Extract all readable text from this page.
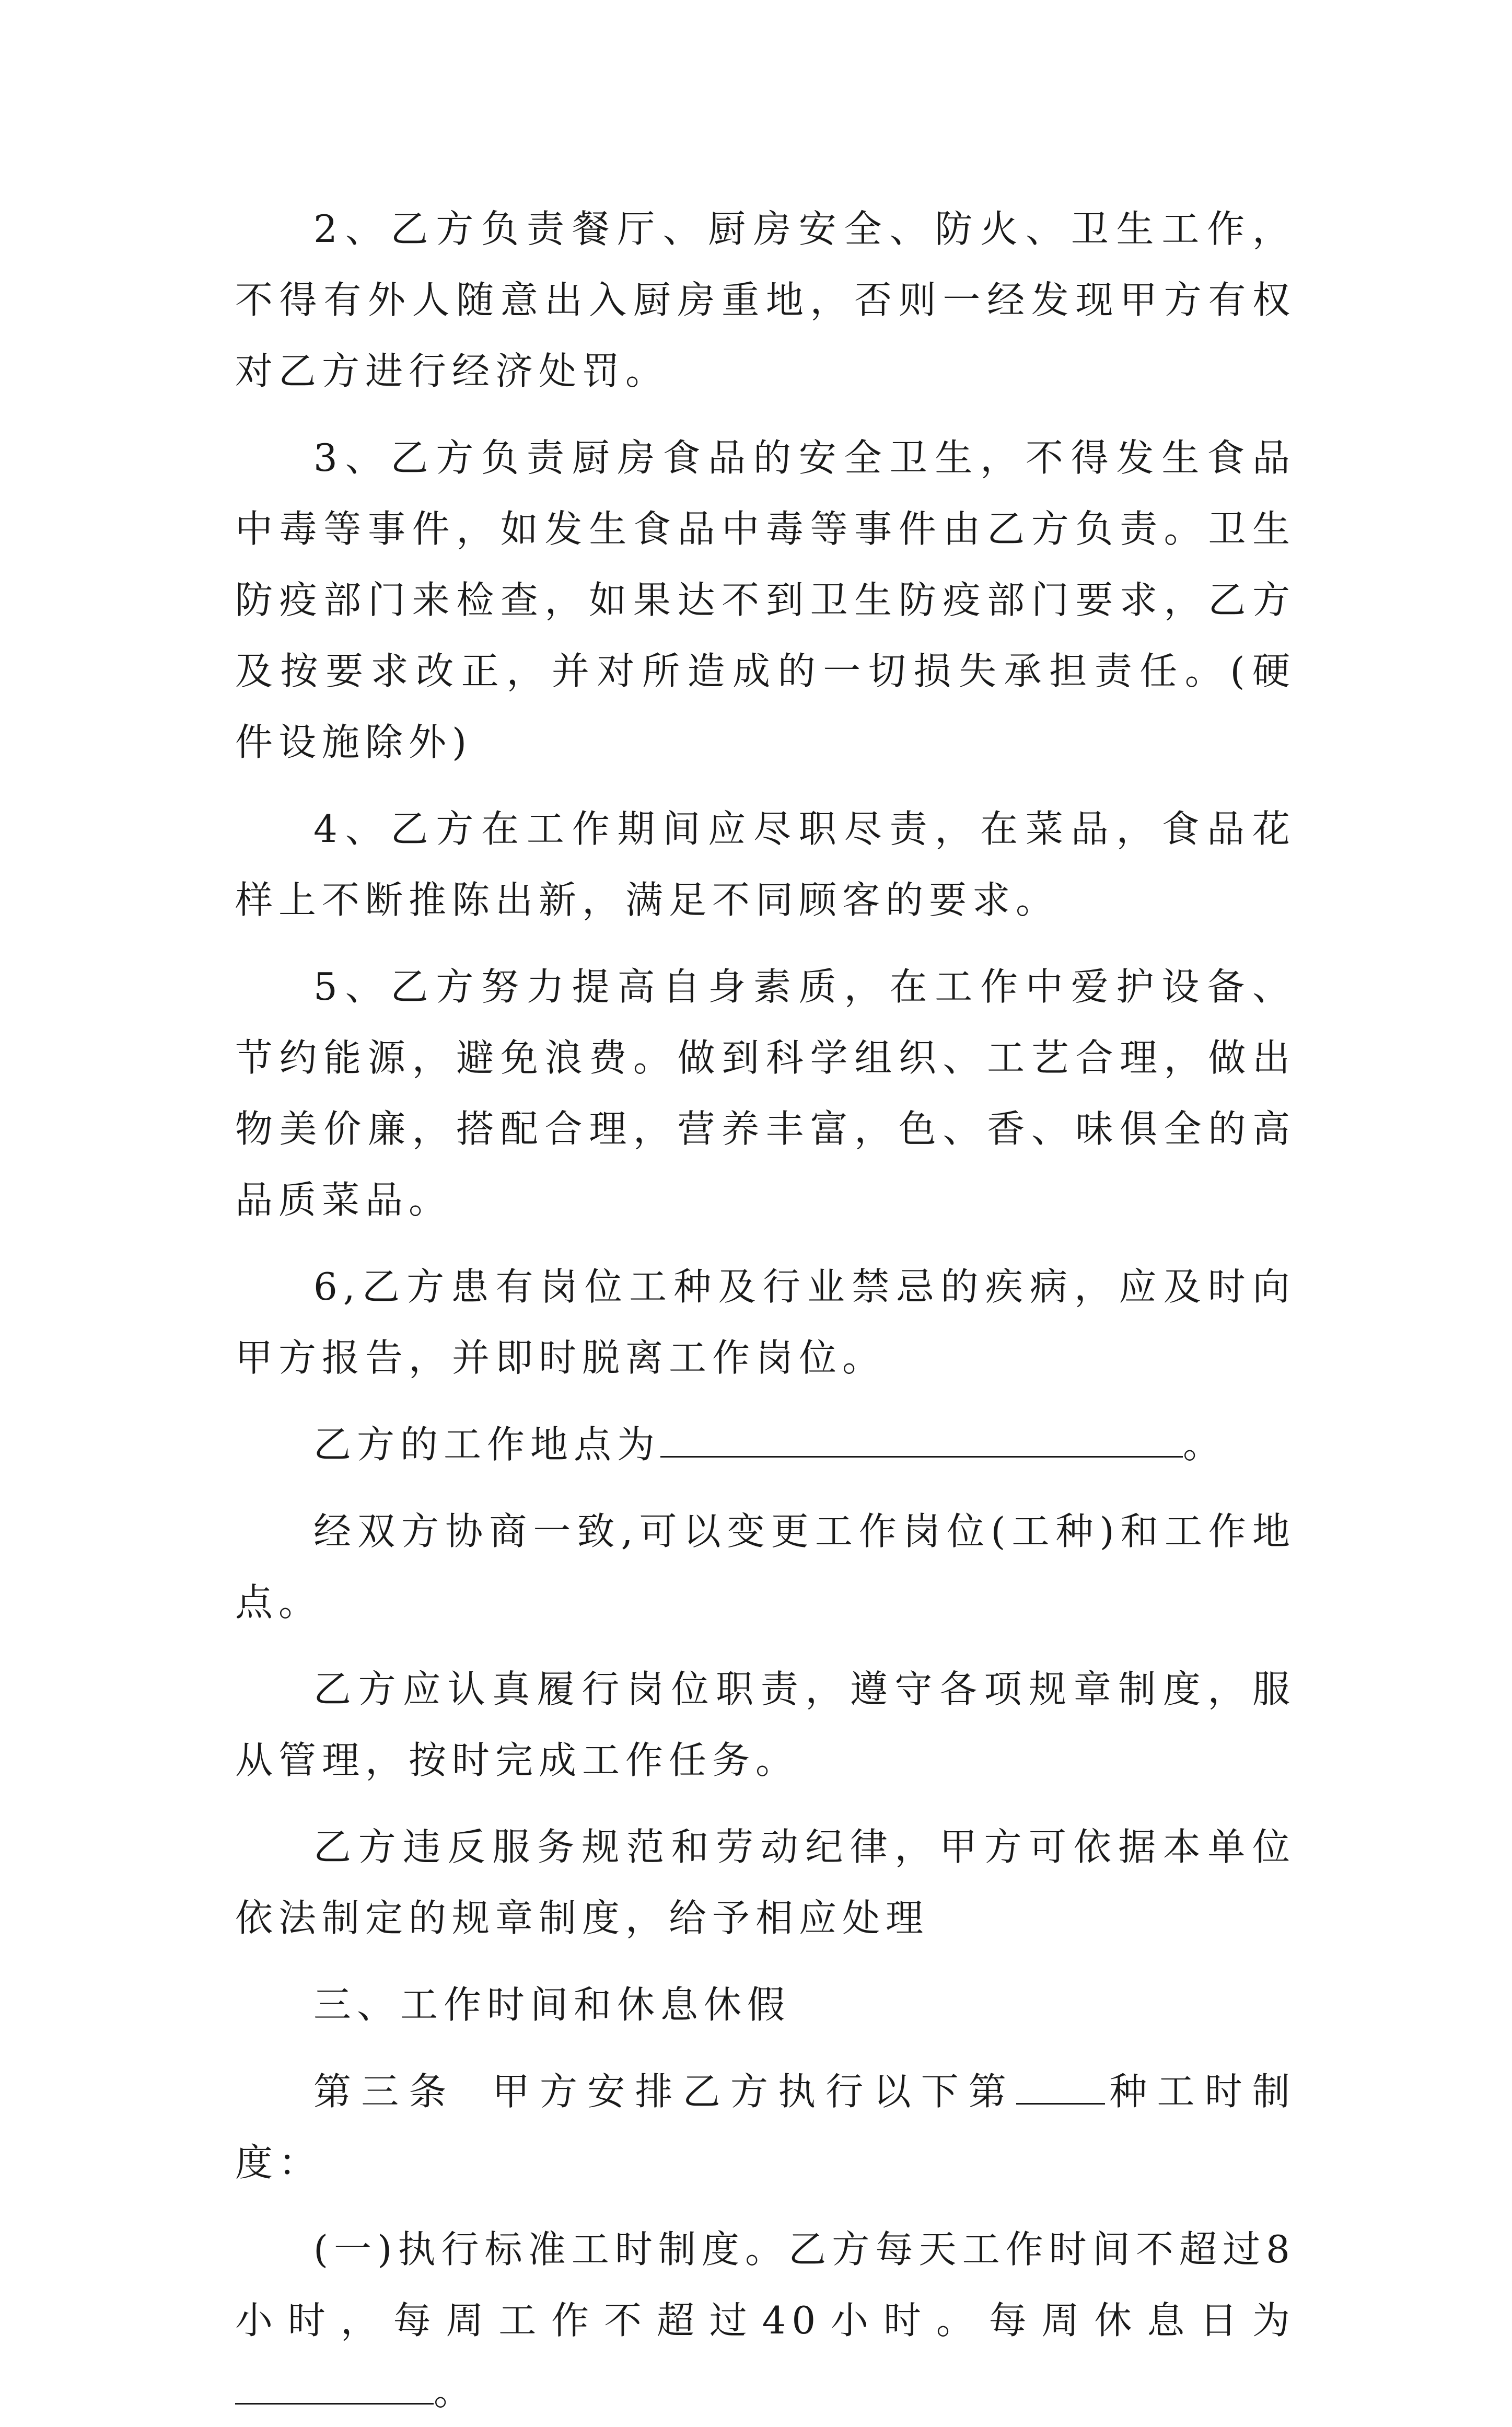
2、乙方负责餐厅、厨房安全、防火、卫生工作，不得有外人随意出入厨房重地，否则一经发现甲方有权对乙方进行经济处罚。

3、乙方负责厨房食品的安全卫生，不得发生食品中毒等事件，如发生食品中毒等事件由乙方负责。卫生防疫部门来检查，如果达不到卫生防疫部门要求，乙方及按要求改正，并对所造成的一切损失承担责任。(硬件设施除外)

4、乙方在工作期间应尽职尽责，在菜品，食品花样上不断推陈出新，满足不同顾客的要求。

5、乙方努力提高自身素质，在工作中爱护设备、节约能源，避免浪费。做到科学组织、工艺合理，做出物美价廉，搭配合理，营养丰富，色、香、味俱全的高品质菜品。

6,乙方患有岗位工种及行业禁忌的疾病，应及时向甲方报告，并即时脱离工作岗位。

乙方的工作地点为	。

经双方协商一致,可以变更工作岗位(工种)和工作地点。

乙方应认真履行岗位职责，遵守各项规章制度，服从管理，按时完成工作任务。

乙方违反服务规范和劳动纪律，甲方可依据本单位依法制定的规章制度，给予相应处理

三、工作时间和休息休假

第三条 甲方安排乙方执行以下第 种工时制度：

(一)执行标准工时制度。乙方每天工作时间不超过8小时，每周工作不超过40小时。每周休息日为。
